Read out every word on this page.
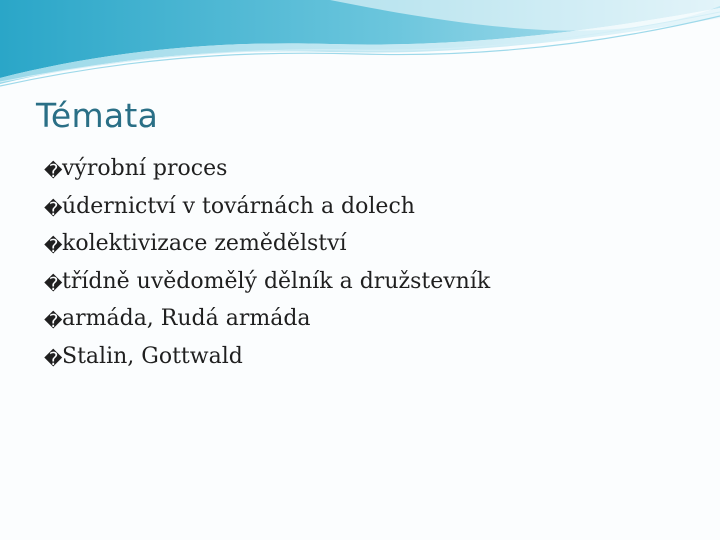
Témata
� výrobní proces
� údernictví v továrnách a dolech
� kolektivizace zemědělství
� třídně uvědomělý dělník a družstevník
� armáda, Rudá armáda
� Stalin, Gottwald
